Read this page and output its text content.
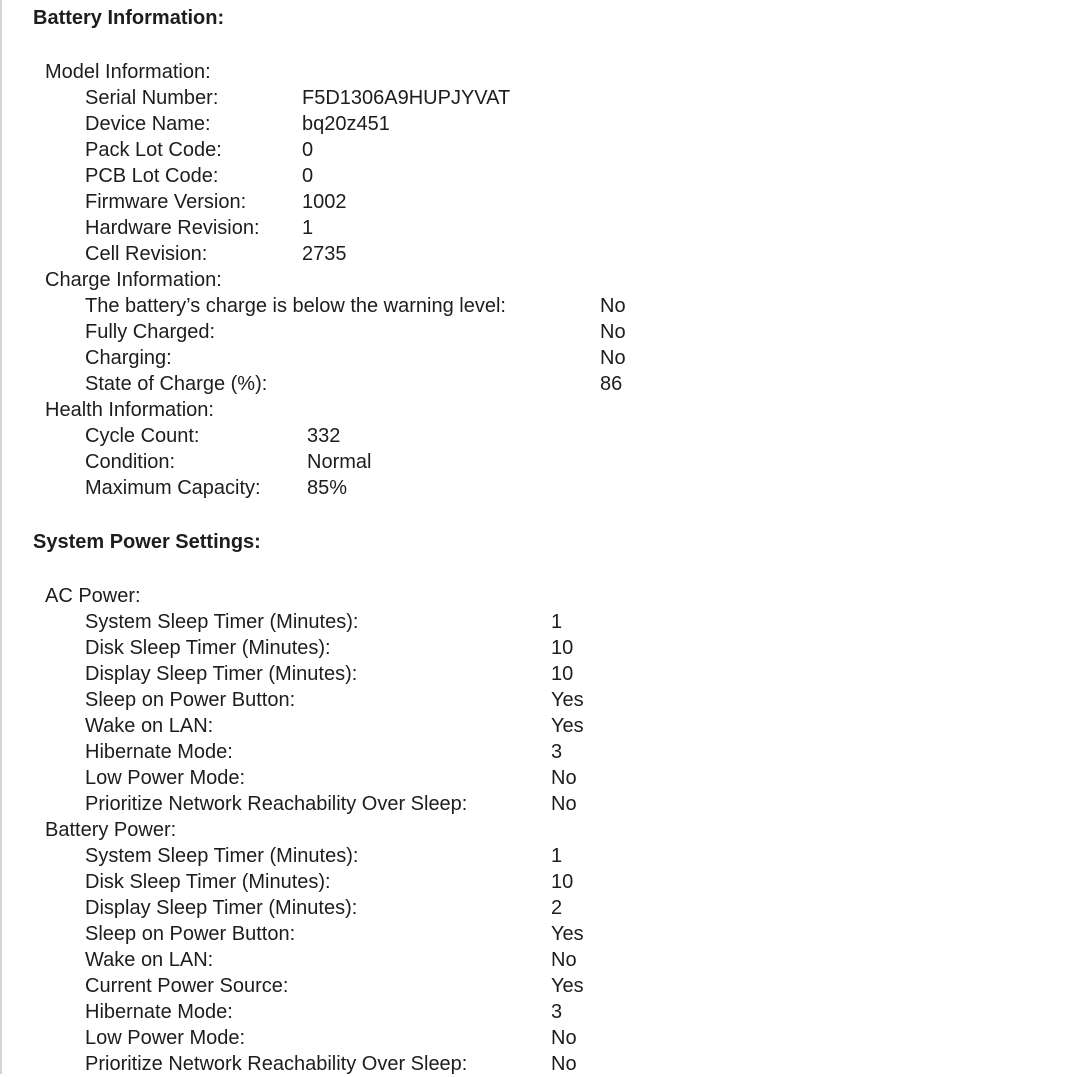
Battery Information:
Model Information:
Serial Number:	F5D1306A9HUPJYVAT
Device Name:	bq20z451
Pack Lot Code:	0
PCB Lot Code:	0
Firmware Version:	1002
Hardware Revision: 1
Cell Revision:	2735
Charge Information:
The battery’s charge is below the warning level:	No
Fully Charged:	No
Charging:	No
State of Charge (%):	86
Health Information:
Cycle Count:	332
Condition:	Normal
Maximum Capacity: 85%
System Power Settings:
AC Power:
System Sleep Timer (Minutes):	1
Disk Sleep Timer (Minutes):	10
Display Sleep Timer (Minutes):	10
Sleep on Power Button:	Yes
Wake on LAN:	Yes
Hibernate Mode:	3
Low Power Mode:	No
Prioritize Network Reachability Over Sleep:	No
Battery Power:
System Sleep Timer (Minutes):	1
Disk Sleep Timer (Minutes):	10
Display Sleep Timer (Minutes):	2
Sleep on Power Button:	Yes
Wake on LAN:	No
Current Power Source:	Yes
Hibernate Mode:	3
Low Power Mode:	No
Prioritize Network Reachability Over Sleep:	No
